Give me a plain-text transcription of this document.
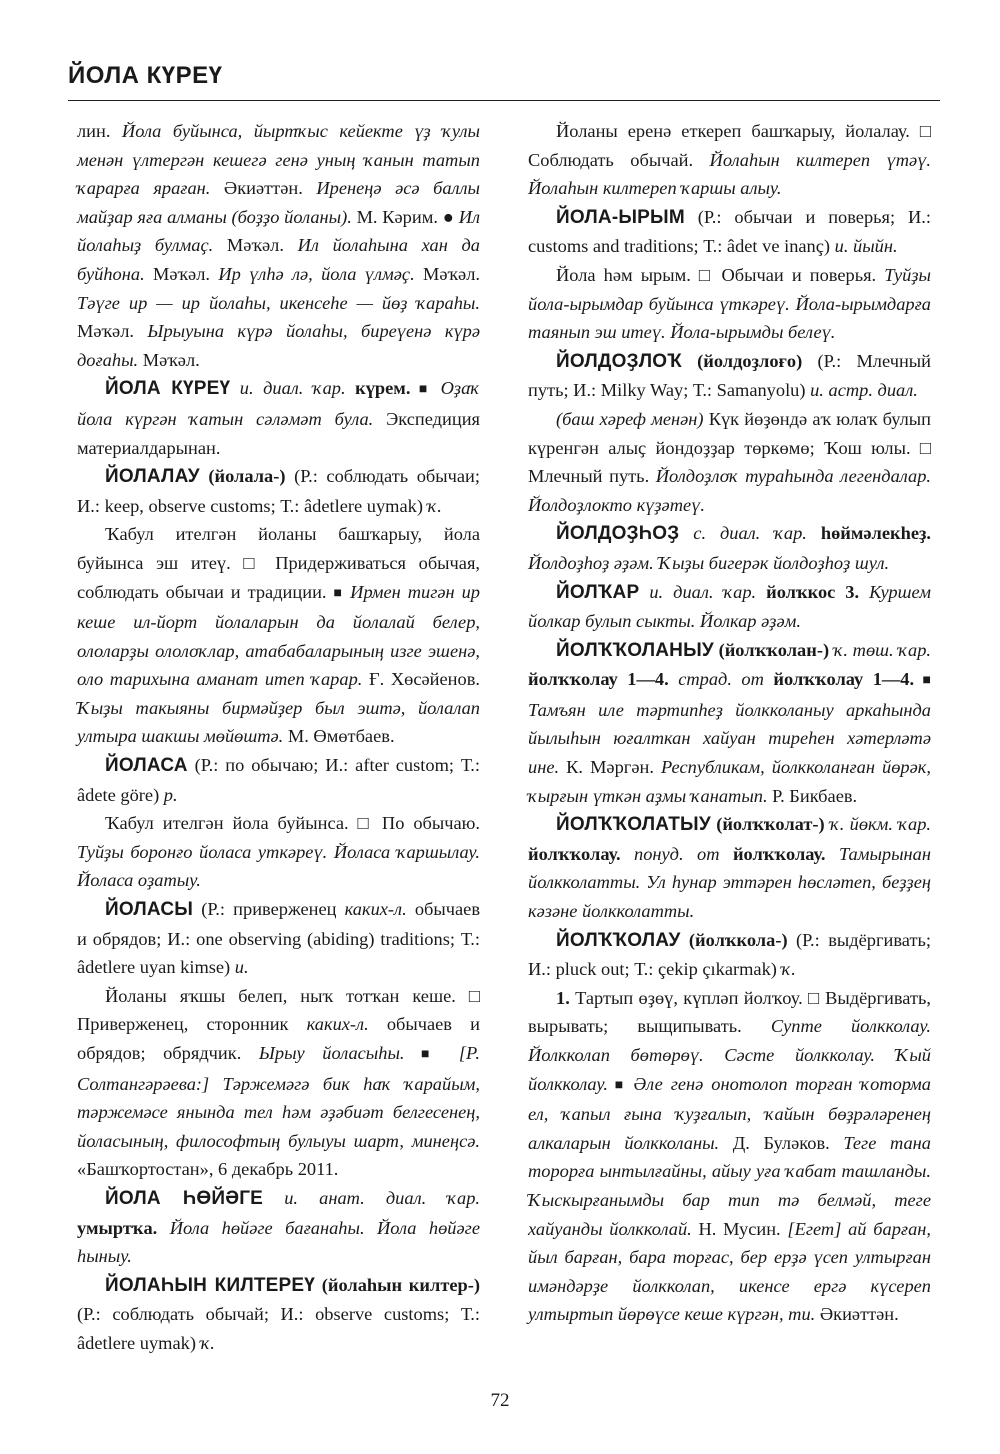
ЙОЛА КҮРЕҮ

лин. Йола буйынса, йыртҡыс кейекте үҙ ҡулы менән үлтергән кешегә генә уның ҡанын татып ҡарарға яраған. Әкиәттән. Иренеңә әсә баллы майҙар яға алманы (боҙҙо йоланы). М. Кәрим. ● Ил йолаһыҙ булмаҫ. Мәҡәл. Ил йолаһына хан да буйһона. Мәҡәл. Ир үлһә лә, йола үлмәҫ. Мәҡәл. Тәүге ир — ир йолаһы, икенсеһе — йөҙ ҡараһы. Мәҡәл. Ырыуына күрә йолаһы, биреүенә күрә доғаһы. Мәҡәл.

ЙОЛА КҮРЕҮ и. диал. ҡар. күрем. ■ Оҙаҡ йола күргән ҡатын сәләмәт була. Экспедиция материалдарынан.

ЙОЛАЛАУ (йолала-) (Р.: соблюдать обычаи; И.: keep, observe customs; Т.: âdetlere uymak) ҡ.

Ҡабул ителгән йоланы башҡарыу, йола буйынса эш итеү. □ Придерживаться обычая, соблюдать обычаи и традиции. ■ Ирмен тигән ир кеше ил-йорт йолаларын да йолалай белер, ололарҙы ололоҡлар, атабабаларының изге эшенә, оло тарихына аманат итеп ҡарар. Ғ. Хөсәйенов. Ҡыҙы такыяны бирмәйҙер был эштә, йолалап ултыра шакшы мөйөштә. М. Өмөтбаев.

ЙОЛАСА (Р.: по обычаю; И.: after custom; Т.: âdete göre) р.

Ҡабул ителгән йола буйынса. □ По обычаю. Туйҙы боронғо йоласа уткәреү. Йоласа ҡаршылау. Йоласа оҙатыу.

ЙОЛАСЫ (Р.: приверженец каких-л. обычаев и обрядов; И.: one observing (abiding) traditions; Т.: âdetlere uyan kimse) и.

Йоланы яҡшы белеп, ныҡ тотҡан кеше. □ Приверженец, сторонник каких-л. обычаев и обрядов; обрядчик. Ырыу йоласыһы. ■ [Р. Солтангәрәева:] Тәржемәгә бик һаҡ ҡарайым, тәржемәсе янында тел һәм әҙәбиәт белгесенең, йоласының, философтың булыуы шарт, минеңсә. «Башҡортостан», 6 декабрь 2011.

ЙОЛА ҺӨЙӘГЕ и. анат. диал. ҡар. умыртҡа. Йола һөйәге бағанаһы. Йола һөйәге һыныу.

ЙОЛАҺЫН КИЛТЕРЕҮ (йолаһын килтер-) (Р.: соблюдать обычай; И.: observe customs; Т.: âdetlere uymak) ҡ.

Йоланы еренә еткереп башҡарыу, йолалау. □ Соблюдать обычай. Йолаһын килтереп үтәү. Йолаһын килтереп ҡаршы алыу.

ЙОЛА-ЫРЫМ (Р.: обычаи и поверья; И.: customs and traditions; Т.: âdet ve inanç) и. йыйн.

Йола һәм ырым. □ Обычаи и поверья. Туйҙы йола-ырымдар буйынса үткәреү. Йола-ырымдарға таянып эш итеү. Йола-ырымды белеү.

ЙОЛДОҘЛОҠ (йолдоҙлоғо) (Р.: Млечный путь; И.: Milky Way; Т.: Samanyolu) и. астр. диал.

(баш хәреф менән) Күк йөҙөндә аҡ юлаҡ булып күренгән алыҫ йондоҙҙар төркөмө; Ҡош юлы. □ Млечный путь. Йолдоҙлоҡ тураһында легендалар. Йолдоҙлокто күҙәтеү.

ЙОЛДОҘҺОҘ с. диал. ҡар. һөймәлекһеҙ. Йолдоҙһоҙ әҙәм. Ҡыҙы бигерәк йолдоҙһоҙ шул.

ЙОЛҠАР и. диал. ҡар. йолҡкос 3. Куршем йолкар булып сыкты. Йолкар әҙәм.

ЙОЛҠҠОЛАНЫУ (йолҡҡолан-) ҡ. төш. ҡар. йолҡҡолау 1—4. страд. от йолҡҡолау 1—4. ■ Тамъян иле тәртипһеҙ йолкколаныу аркаһында йылыһын юғалткан хайуан тиреһен хәтерләтә ине. К. Мәргән. Республикам, йолкколанған йөрәк, ҡырғын үткән аҙмы ҡанатып. Р. Бикбаев.

ЙОЛҠҠОЛАТЫУ (йолҡҡолат-) ҡ. йөкм. ҡар. йолҡҡолау. понуд. от йолҡҡолау. Тамырынан йолкколатты. Ул һунар эттәрен һөсләтеп, беҙҙең кәзәне йолкколатты.

ЙОЛҠҠОЛАУ (йолҡкола-) (Р.: выдёргивать; И.: pluck out; Т.: çekip çıkarmak) ҡ.

1. Тартып өҙөү, күпләп йолҡоу. □ Выдёргивать, вырывать; выщипывать. Супте йолкколау. Йолкколап бөтөрөү. Сәсте йолкколау. Ҡый йолкколау. ■ Әле генә онотолоп торған ҡоторма ел, ҡапыл ғына ҡуҙғалып, ҡайын бөҙрәләренең алкаларын йолкколаны. Д. Буләков. Теге тана торорға ынтылғайны, айыу уға ҡабат ташланды. Ҡыскырғанымды бар тип тә белмәй, теге хайуанды йолкколай. Н. Мусин. [Егет] ай барған, йыл барған, бара торғас, бер ерҙә үсеп ултырған имәндәрҙе йолкколап, икенсе ергә күсереп ултыртып йөрөүсе кеше күргән, ти. Әкиәттән.

72
